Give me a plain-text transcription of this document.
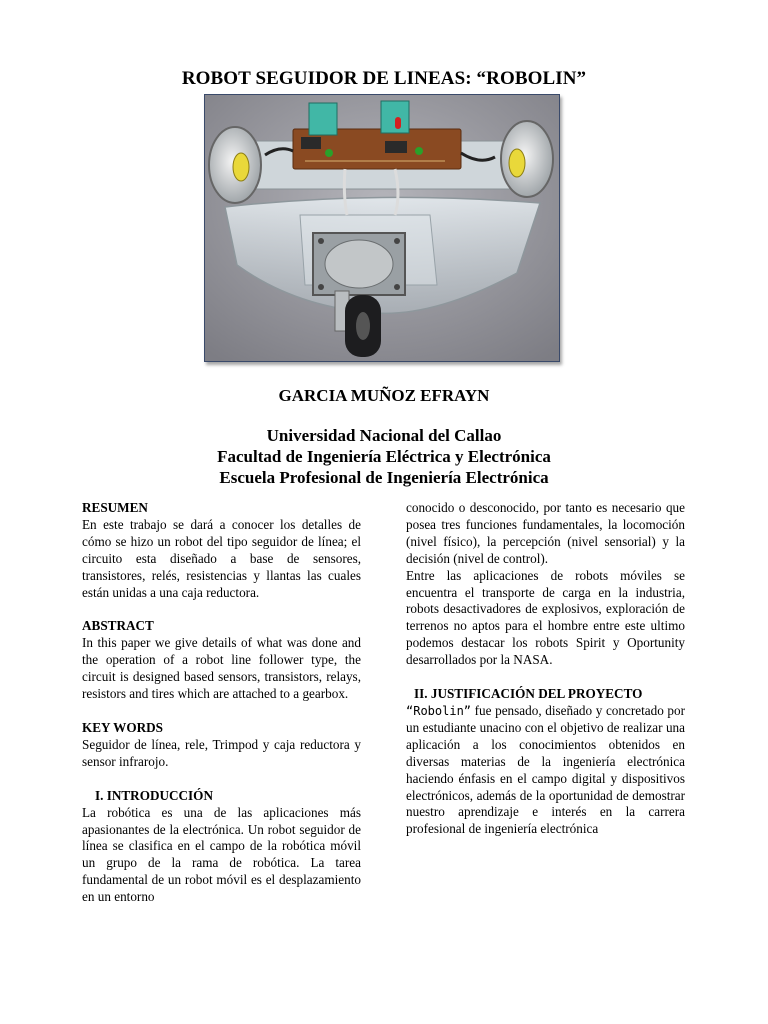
ROBOT SEGUIDOR DE LINEAS: “ROBOLIN”
GARCIA MUÑOZ EFRAYN
Universidad Nacional del Callao
Facultad de Ingeniería Eléctrica y Electrónica
Escuela Profesional de Ingeniería Electrónica
RESUMEN

En este trabajo se dará a conocer los detalles de cómo se hizo un robot del tipo seguidor de línea; el circuito esta diseñado a base de sensores, transistores, relés, resistencias y llantas las cuales están unidas a una caja reductora.

ABSTRACT

In this paper we give details of what was done and the operation of a robot line follower type, the circuit is designed based sensors, transistors, relays, resistors and tires which are attached to a gearbox.

KEY WORDS

Seguidor de línea, rele, Trimpod y caja reductora y sensor infrarojo.

I. INTRODUCCIÓN

La robótica es una de las aplicaciones más apasionantes de la electrónica. Un robot seguidor de línea se clasifica en el campo de la robótica móvil un grupo de la rama de robótica. La tarea fundamental de un robot móvil es el desplazamiento en un entorno

conocido o desconocido, por tanto es necesario que posea tres funciones fundamentales, la locomoción (nivel físico), la percepción (nivel sensorial) y la decisión (nivel de control).

Entre las aplicaciones de robots móviles se encuentra el transporte de carga en la industria, robots desactivadores de explosivos, exploración de terrenos no aptos para el hombre entre este ultimo podemos destacar los robots Spirit y Oportunity desarrollados por la NASA.

II. JUSTIFICACIÓN DEL PROYECTO

“Robolin” fue pensado, diseñado y concretado por un estudiante unacino con el objetivo de realizar una aplicación a los conocimientos obtenidos en diversas materias de la ingeniería electrónica haciendo énfasis en el campo digital y dispositivos electrónicos, además de la oportunidad de demostrar nuestro aprendizaje e interés en la carrera profesional de ingeniería electrónica
